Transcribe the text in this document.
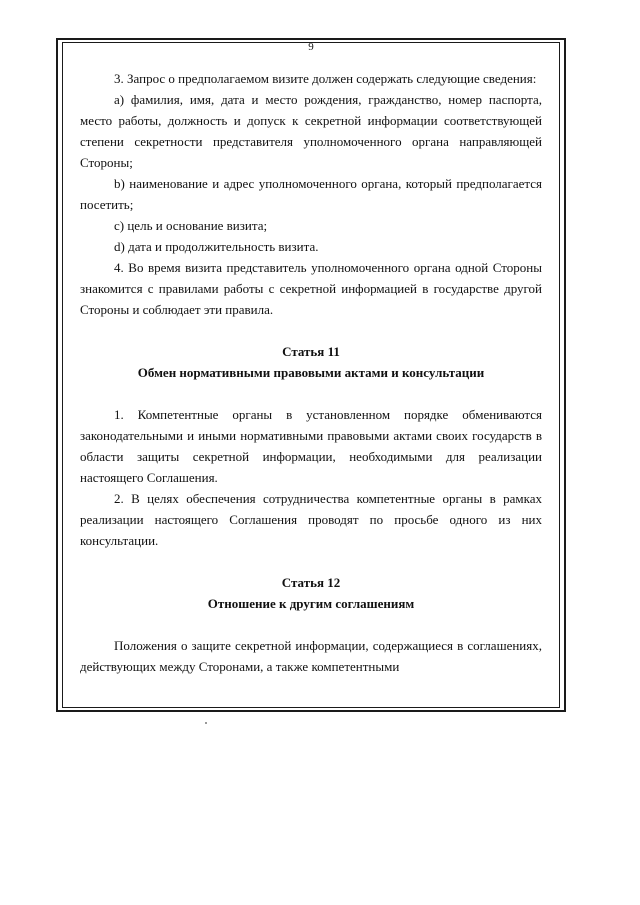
9

3. Запрос о предполагаемом визите должен содержать следующие сведения:

a) фамилия, имя, дата и место рождения, гражданство, номер паспорта, место работы, должность и допуск к секретной информации соответствующей степени секретности представителя уполномоченного органа направляющей Стороны;

b) наименование и адрес уполномоченного органа, который предполагается посетить;

c) цель и основание визита;

d) дата и продолжительность визита.

4. Во время визита представитель уполномоченного органа одной Стороны знакомится с правилами работы с секретной информацией в государстве другой Стороны и соблюдает эти правила.

Статья 11
Обмен нормативными правовыми актами и консультации

1. Компетентные органы в установленном порядке обмениваются законодательными и иными нормативными правовыми актами своих государств в области защиты секретной информации, необходимыми для реализации настоящего Соглашения.

2. В целях обеспечения сотрудничества компетентные органы в рамках реализации настоящего Соглашения проводят по просьбе одного из них консультации.

Статья 12
Отношение к другим соглашениям

Положения о защите секретной информации, содержащиеся в соглашениях, действующих между Сторонами, а также компетентными
